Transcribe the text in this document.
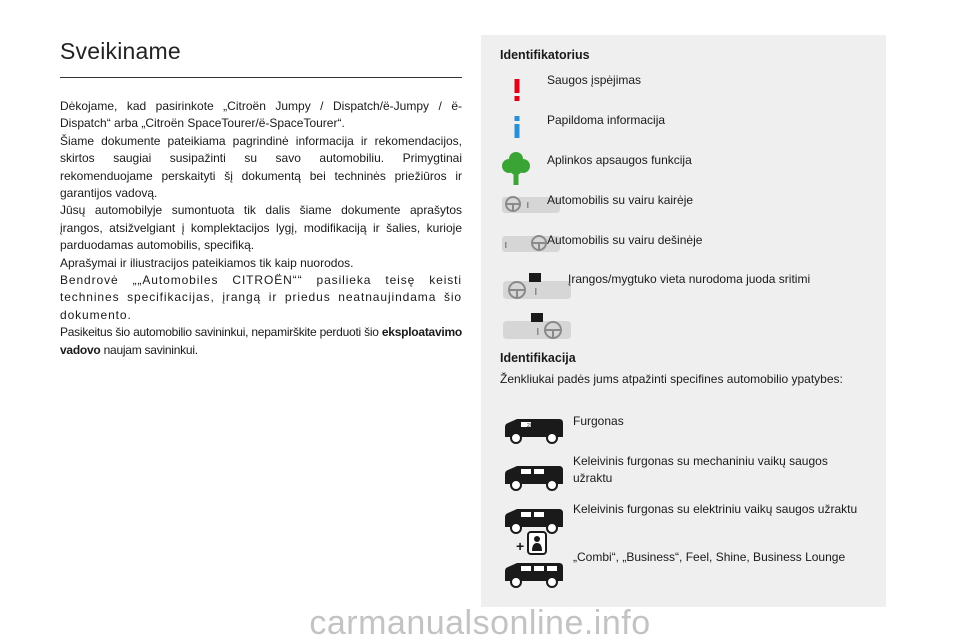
Sveikiname

Dėkojame, kad pasirinkote „Citroën Jumpy / Dispatch/ë-Jumpy / ë-Dispatch“ arba „Citroën SpaceTourer/ë-SpaceTourer“.

Šiame dokumente pateikiama pagrindinė informacija ir rekomendacijos, skirtos saugiai susipažinti su savo automobiliu. Primygtinai rekomenduojame perskaityti šį dokumentą bei techninės priežiūros ir garantijos vadovą.

Jūsų automobilyje sumontuota tik dalis šiame dokumente aprašytos įrangos, atsižvelgiant į komplektacijos lygį, modifikaciją ir šalies, kurioje parduodamas automobilis, specifiką.

Aprašymai ir iliustracijos pateikiamos tik kaip nuorodos.

Bendrovė „„Automobiles CITROËN““ pasilieka teisę keisti technines specifikacijas, įrangą ir priedus neatnaujindama šio dokumento.

Pasikeitus šio automobilio savininkui, nepamirškite perduoti šio eksploatavimo vadovo naujam savininkui.

Identifikatorius
Saugos įspėjimas
Papildoma informacija
Aplinkos apsaugos funkcija
Automobilis su vairu kairėje
Automobilis su vairu dešinėje
Įrangos/mygtuko vieta nurodoma juoda sritimi
Identifikacija
Ženkliukai padės jums atpažinti specifines automobilio ypatybes:
2/3	Furgonas
Keleivinis furgonas su mechaniniu vaikų saugos užraktu
Keleivinis furgonas su elektriniu vaikų saugos užraktu
+
„Combi“, „Business“, Feel, Shine, Business Lounge
carmanualsonline.info
